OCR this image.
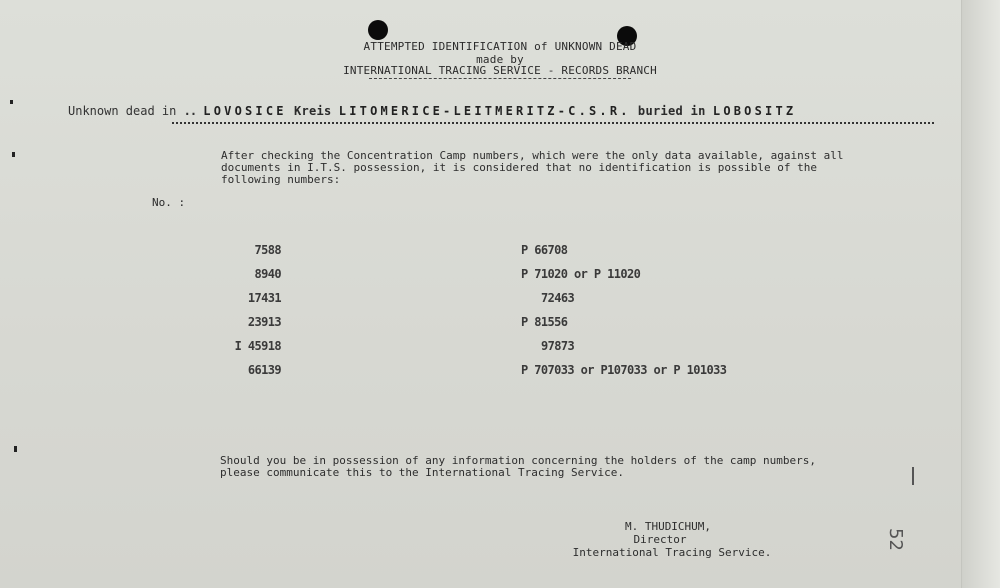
ATTEMPTED IDENTIFICATION of UNKNOWN DEAD
made by
INTERNATIONAL TRACING SERVICE - RECORDS BRANCH
Unknown dead in .. LOVOSICE Kreis LITOMERICE-LEITMERITZ-C.S.R. buried in LOBOSITZ
After checking the Concentration Camp numbers, which were the only data available, against all
documents in I.T.S. possession, it is considered that no identification is possible of the
following numbers:
No. :
7588
8940
17431
23913
I 45918
66139
P 66708
P 71020 or P 11020
72463
P 81556
97873
P 707033 or P107033 or P 101033
Should you be in possession of any information concerning the holders of the camp numbers,
please communicate this to the International Tracing Service.
M. THUDICHUM,
Director
International Tracing Service.
52
